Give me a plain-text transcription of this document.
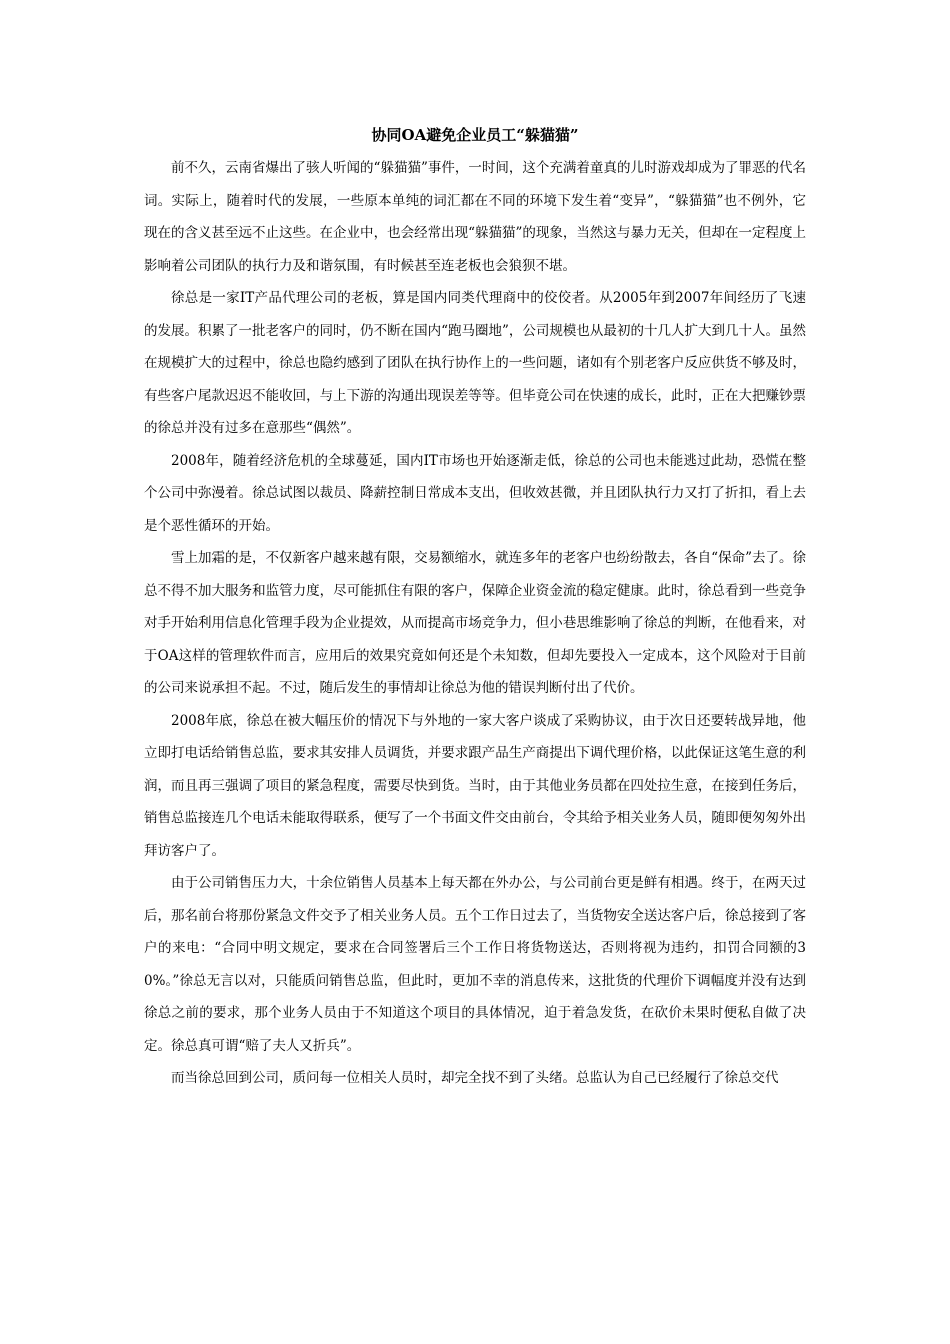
协同OA避免企业员工“躲猫猫”

前不久，云南省爆出了骇人听闻的“躲猫猫”事件，一时间，这个充满着童真的儿时游戏却成为了罪恶的代名词。实际上，随着时代的发展，一些原本单纯的词汇都在不同的环境下发生着“变异”，“躲猫猫”也不例外，它现在的含义甚至远不止这些。在企业中，也会经常出现“躲猫猫”的现象，当然这与暴力无关，但却在一定程度上影响着公司团队的执行力及和谐氛围，有时候甚至连老板也会狼狈不堪。

徐总是一家IT产品代理公司的老板，算是国内同类代理商中的佼佼者。从2005年到2007年间经历了飞速的发展。积累了一批老客户的同时，仍不断在国内“跑马圈地”，公司规模也从最初的十几人扩大到几十人。虽然在规模扩大的过程中，徐总也隐约感到了团队在执行协作上的一些问题，诸如有个别老客户反应供货不够及时，有些客户尾款迟迟不能收回，与上下游的沟通出现误差等等。但毕竟公司在快速的成长，此时，正在大把赚钞票的徐总并没有过多在意那些“偶然”。

2008年，随着经济危机的全球蔓延，国内IT市场也开始逐渐走低，徐总的公司也未能逃过此劫，恐慌在整个公司中弥漫着。徐总试图以裁员、降薪控制日常成本支出，但收效甚微，并且团队执行力又打了折扣，看上去是个恶性循环的开始。

雪上加霜的是，不仅新客户越来越有限，交易额缩水，就连多年的老客户也纷纷散去，各自“保命”去了。徐总不得不加大服务和监管力度，尽可能抓住有限的客户，保障企业资金流的稳定健康。此时，徐总看到一些竞争对手开始利用信息化管理手段为企业提效，从而提高市场竞争力，但小巷思维影响了徐总的判断，在他看来，对于OA这样的管理软件而言，应用后的效果究竟如何还是个未知数，但却先要投入一定成本，这个风险对于目前的公司来说承担不起。不过，随后发生的事情却让徐总为他的错误判断付出了代价。

2008年底，徐总在被大幅压价的情况下与外地的一家大客户谈成了采购协议，由于次日还要转战异地，他立即打电话给销售总监，要求其安排人员调货，并要求跟产品生产商提出下调代理价格，以此保证这笔生意的利润，而且再三强调了项目的紧急程度，需要尽快到货。当时，由于其他业务员都在四处拉生意，在接到任务后，销售总监接连几个电话未能取得联系，便写了一个书面文件交由前台，令其给予相关业务人员，随即便匆匆外出拜访客户了。

由于公司销售压力大，十余位销售人员基本上每天都在外办公，与公司前台更是鲜有相遇。终于，在两天过后，那名前台将那份紧急文件交予了相关业务人员。五个工作日过去了，当货物安全送达客户后，徐总接到了客户的来电：“合同中明文规定，要求在合同签署后三个工作日将货物送达，否则将视为违约，扣罚合同额的30%。”徐总无言以对，只能质问销售总监，但此时，更加不幸的消息传来，这批货的代理价下调幅度并没有达到徐总之前的要求，那个业务人员由于不知道这个项目的具体情况，迫于着急发货，在砍价未果时便私自做了决定。徐总真可谓“赔了夫人又折兵”。

而当徐总回到公司，质问每一位相关人员时，却完全找不到了头绪。总监认为自己已经履行了徐总交代
